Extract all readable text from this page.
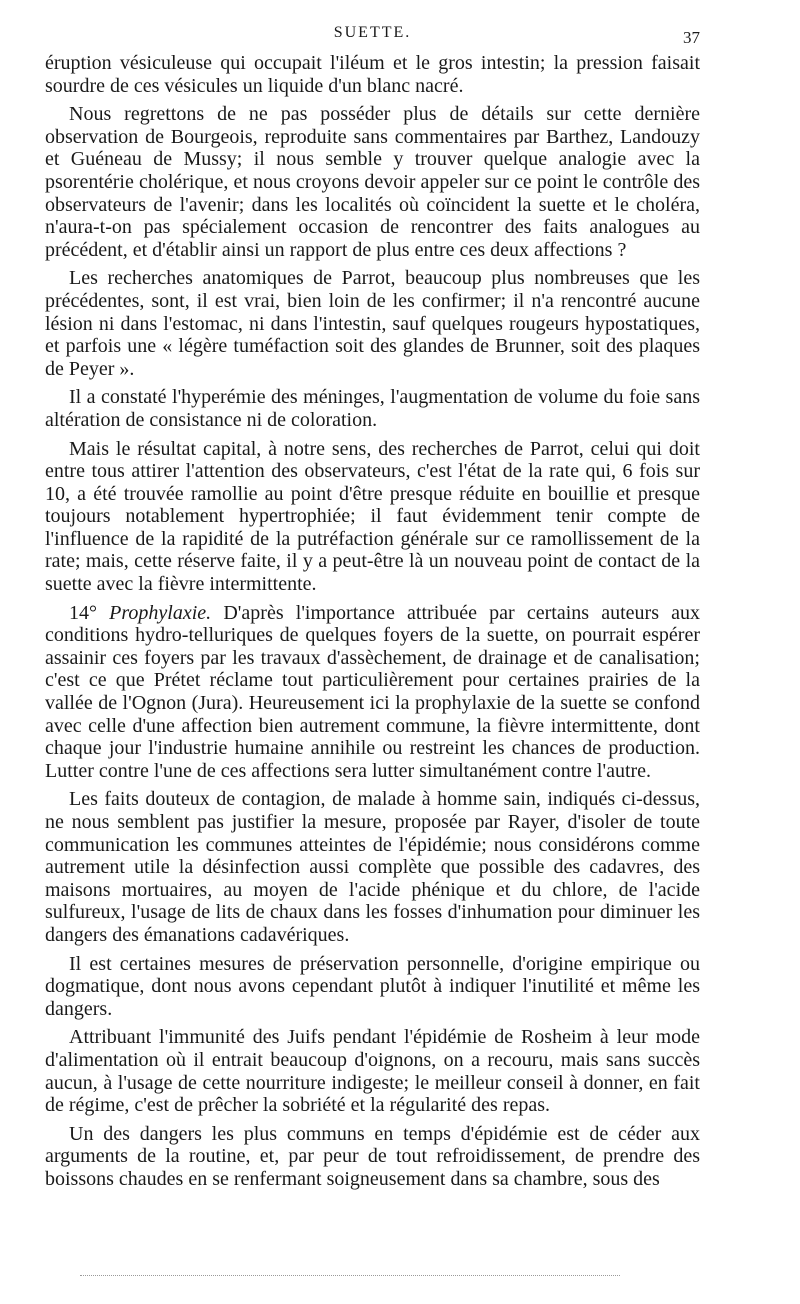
SUETTE.	37

éruption vésiculeuse qui occupait l'iléum et le gros intestin; la pression faisait sourdre de ces vésicules un liquide d'un blanc nacré.

Nous regrettons de ne pas posséder plus de détails sur cette dernière observation de Bourgeois, reproduite sans commentaires par Barthez, Landouzy et Guéneau de Mussy; il nous semble y trouver quelque analogie avec la psorentérie cholérique, et nous croyons devoir appeler sur ce point le contrôle des observateurs de l'avenir; dans les localités où coïncident la suette et le choléra, n'aura-t-on pas spécialement occasion de rencontrer des faits analogues au précédent, et d'établir ainsi un rapport de plus entre ces deux affections ?

Les recherches anatomiques de Parrot, beaucoup plus nombreuses que les précédentes, sont, il est vrai, bien loin de les confirmer; il n'a rencontré aucune lésion ni dans l'estomac, ni dans l'intestin, sauf quelques rougeurs hypostatiques, et parfois une « légère tuméfaction soit des glandes de Brunner, soit des plaques de Peyer ».

Il a constaté l'hyperémie des méninges, l'augmentation de volume du foie sans altération de consistance ni de coloration.

Mais le résultat capital, à notre sens, des recherches de Parrot, celui qui doit entre tous attirer l'attention des observateurs, c'est l'état de la rate qui, 6 fois sur 10, a été trouvée ramollie au point d'être presque réduite en bouillie et presque toujours notablement hypertrophiée; il faut évidemment tenir compte de l'influence de la rapidité de la putréfaction générale sur ce ramollissement de la rate; mais, cette réserve faite, il y a peut-être là un nouveau point de contact de la suette avec la fièvre intermittente.

14° Prophylaxie. D'après l'importance attribuée par certains auteurs aux conditions hydro-telluriques de quelques foyers de la suette, on pourrait espérer assainir ces foyers par les travaux d'assèchement, de drainage et de canalisation; c'est ce que Prétet réclame tout particulièrement pour certaines prairies de la vallée de l'Ognon (Jura). Heureusement ici la prophylaxie de la suette se confond avec celle d'une affection bien autrement commune, la fièvre intermittente, dont chaque jour l'industrie humaine annihile ou restreint les chances de production. Lutter contre l'une de ces affections sera lutter simultanément contre l'autre.

Les faits douteux de contagion, de malade à homme sain, indiqués ci-dessus, ne nous semblent pas justifier la mesure, proposée par Rayer, d'isoler de toute communication les communes atteintes de l'épidémie; nous considérons comme autrement utile la désinfection aussi complète que possible des cadavres, des maisons mortuaires, au moyen de l'acide phénique et du chlore, de l'acide sulfureux, l'usage de lits de chaux dans les fosses d'inhumation pour diminuer les dangers des émanations cadavériques.

Il est certaines mesures de préservation personnelle, d'origine empirique ou dogmatique, dont nous avons cependant plutôt à indiquer l'inutilité et même les dangers.

Attribuant l'immunité des Juifs pendant l'épidémie de Rosheim à leur mode d'alimentation où il entrait beaucoup d'oignons, on a recouru, mais sans succès aucun, à l'usage de cette nourriture indigeste; le meilleur conseil à donner, en fait de régime, c'est de prêcher la sobriété et la régularité des repas.

Un des dangers les plus communs en temps d'épidémie est de céder aux arguments de la routine, et, par peur de tout refroidissement, de prendre des boissons chaudes en se renfermant soigneusement dans sa chambre, sous des
